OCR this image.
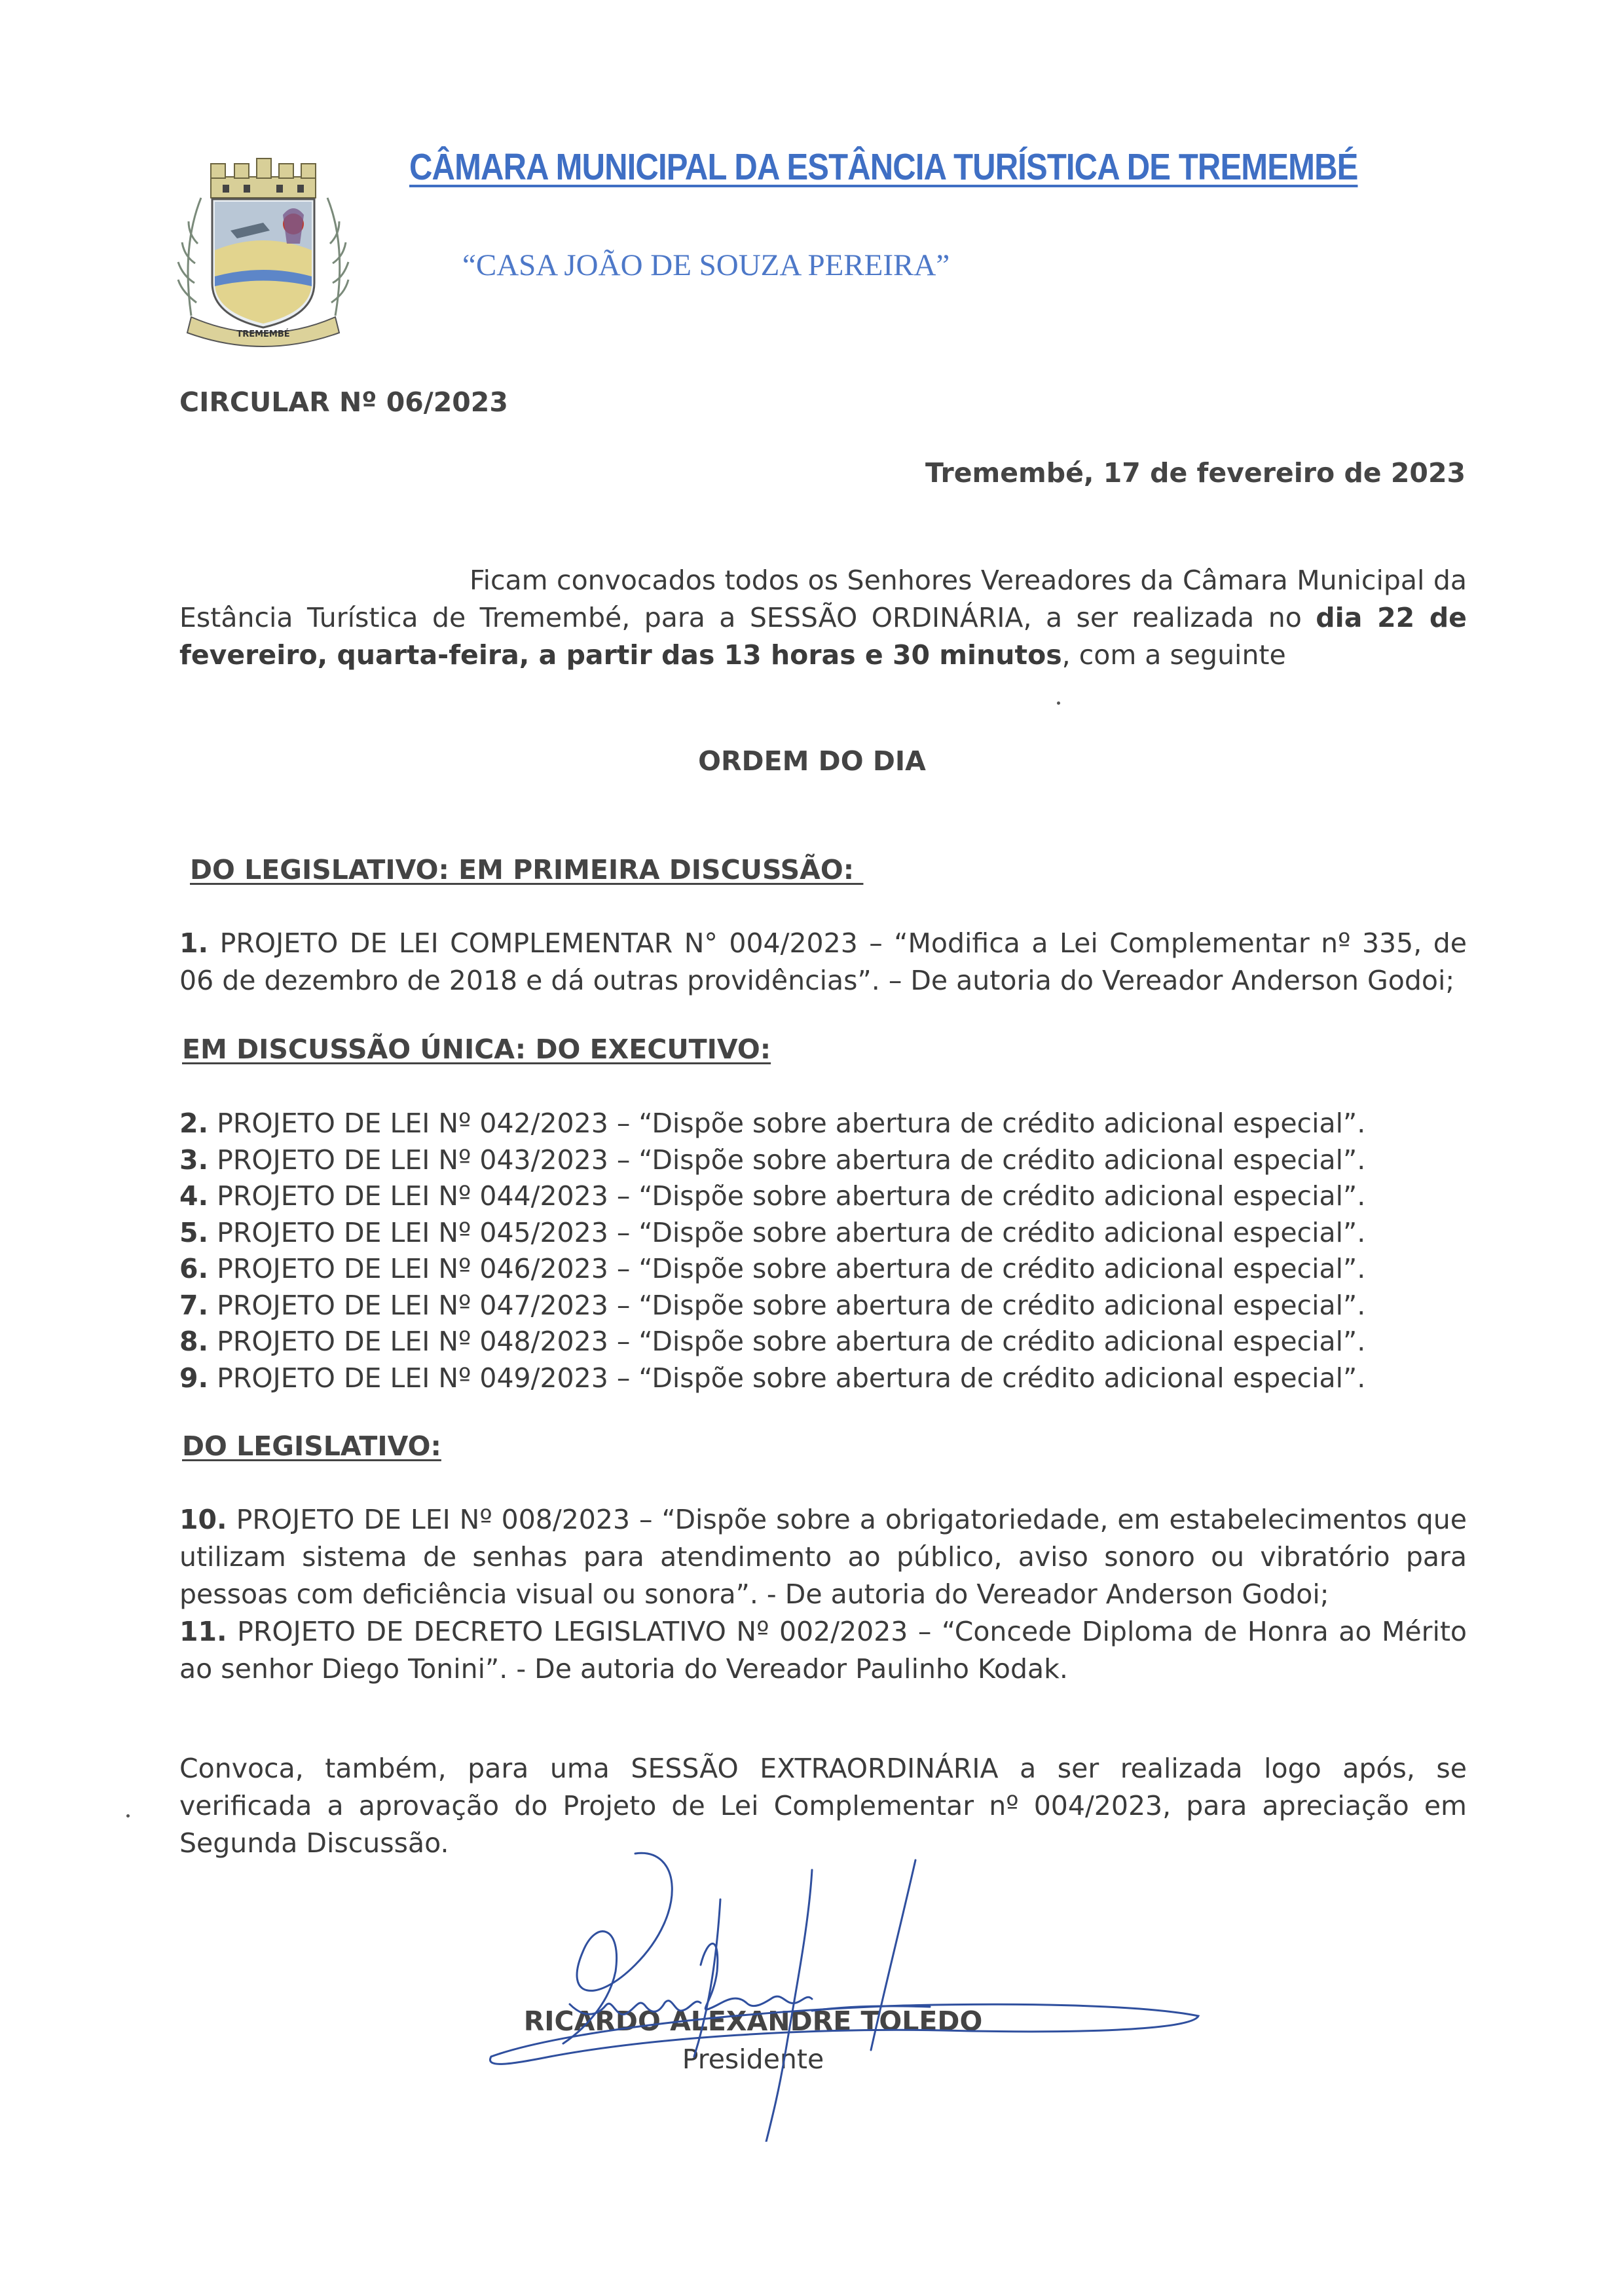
TREMEMBÉ
CÂMARA MUNICIPAL DA ESTÂNCIA TURÍSTICA DE TREMEMBÉ
“CASA JOÃO DE SOUZA PEREIRA”
CIRCULAR Nº 06/2023
Tremembé, 17 de fevereiro de 2023
Ficam convocados todos os Senhores Vereadores da Câmara Municipal da Estância Turística de Tremembé, para a SESSÃO ORDINÁRIA, a ser realizada no dia 22 de fevereiro, quarta-feira, a partir das 13 horas e 30 minutos, com a seguinte
ORDEM DO DIA
DO LEGISLATIVO: EM PRIMEIRA DISCUSSÃO:
1. PROJETO DE LEI COMPLEMENTAR N° 004/2023 – “Modifica a Lei Complementar nº 335, de 06 de dezembro de 2018 e dá outras providências”. – De autoria do Vereador Anderson Godoi;
EM DISCUSSÃO ÚNICA: DO EXECUTIVO:
2. PROJETO DE LEI Nº 042/2023 – “Dispõe sobre abertura de crédito adicional especial”.
3. PROJETO DE LEI Nº 043/2023 – “Dispõe sobre abertura de crédito adicional especial”.
4. PROJETO DE LEI Nº 044/2023 – “Dispõe sobre abertura de crédito adicional especial”.
5. PROJETO DE LEI Nº 045/2023 – “Dispõe sobre abertura de crédito adicional especial”.
6. PROJETO DE LEI Nº 046/2023 – “Dispõe sobre abertura de crédito adicional especial”.
7. PROJETO DE LEI Nº 047/2023 – “Dispõe sobre abertura de crédito adicional especial”.
8. PROJETO DE LEI Nº 048/2023 – “Dispõe sobre abertura de crédito adicional especial”.
9. PROJETO DE LEI Nº 049/2023 – “Dispõe sobre abertura de crédito adicional especial”.
DO LEGISLATIVO:
10. PROJETO DE LEI Nº 008/2023 – “Dispõe sobre a obrigatoriedade, em estabelecimentos que utilizam sistema de senhas para atendimento ao público, aviso sonoro ou vibratório para pessoas com deficiência visual ou sonora”. - De autoria do Vereador Anderson Godoi;
11. PROJETO DE DECRETO LEGISLATIVO Nº 002/2023 – “Concede Diploma de Honra ao Mérito ao senhor Diego Tonini”. - De autoria do Vereador Paulinho Kodak.
Convoca, também, para uma SESSÃO EXTRAORDINÁRIA a ser realizada logo após, se verificada a aprovação do Projeto de Lei Complementar nº 004/2023, para apreciação em Segunda Discussão.
RICARDO ALEXANDRE TOLEDO
Presidente
